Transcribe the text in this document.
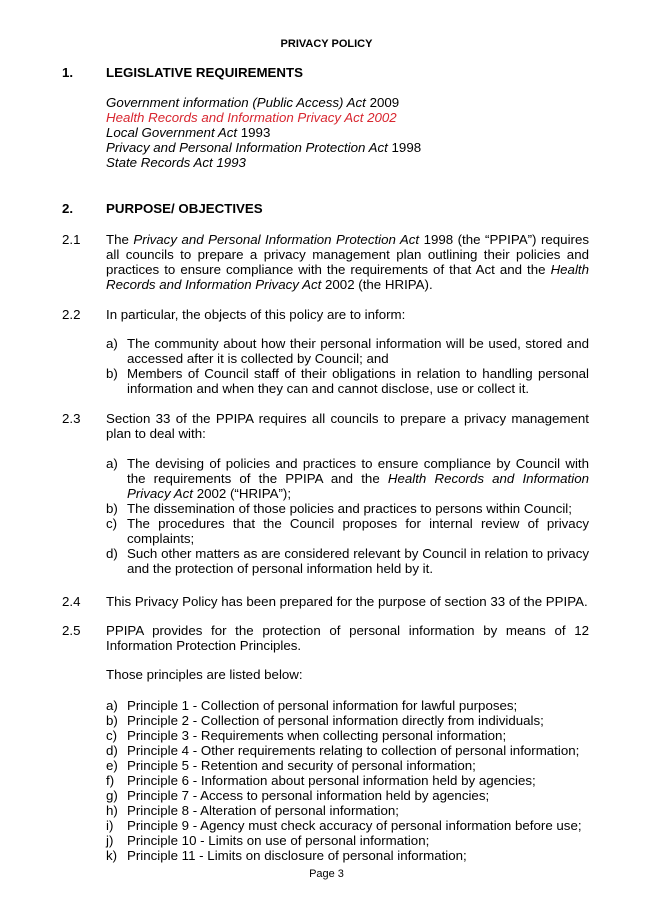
PRIVACY POLICY
1.	LEGISLATIVE REQUIREMENTS
Government information (Public Access) Act 2009
Health Records and Information Privacy Act 2002
Local Government Act 1993
Privacy and Personal Information Protection Act 1998
State Records Act 1993
2.	PURPOSE/ OBJECTIVES
2.1	The Privacy and Personal Information Protection Act 1998 (the “PPIPA”) requires all councils to prepare a privacy management plan outlining their policies and practices to ensure compliance with the requirements of that Act and the Health Records and Information Privacy Act 2002 (the HRIPA).
2.2	In particular, the objects of this policy are to inform:
a) The community about how their personal information will be used, stored and accessed after it is collected by Council; and
b) Members of Council staff of their obligations in relation to handling personal information and when they can and cannot disclose, use or collect it.
2.3	Section 33 of the PPIPA requires all councils to prepare a privacy management plan to deal with:
a) The devising of policies and practices to ensure compliance by Council with the requirements of the PPIPA and the Health Records and Information Privacy Act 2002 (“HRIPA”);
b) The dissemination of those policies and practices to persons within Council;
c) The procedures that the Council proposes for internal review of privacy complaints;
d) Such other matters as are considered relevant by Council in relation to privacy and the protection of personal information held by it.
2.4	This Privacy Policy has been prepared for the purpose of section 33 of the PPIPA.
2.5	PPIPA provides for the protection of personal information by means of 12 Information Protection Principles.
Those principles are listed below:
a) Principle 1 - Collection of personal information for lawful purposes;
b) Principle 2 - Collection of personal information directly from individuals;
c) Principle 3 - Requirements when collecting personal information;
d) Principle 4 - Other requirements relating to collection of personal information;
e) Principle 5 - Retention and security of personal information;
f) Principle 6 - Information about personal information held by agencies;
g) Principle 7 - Access to personal information held by agencies;
h) Principle 8 - Alteration of personal information;
i) Principle 9 - Agency must check accuracy of personal information before use;
j) Principle 10 - Limits on use of personal information;
k) Principle 11 - Limits on disclosure of personal information;
Page 3
